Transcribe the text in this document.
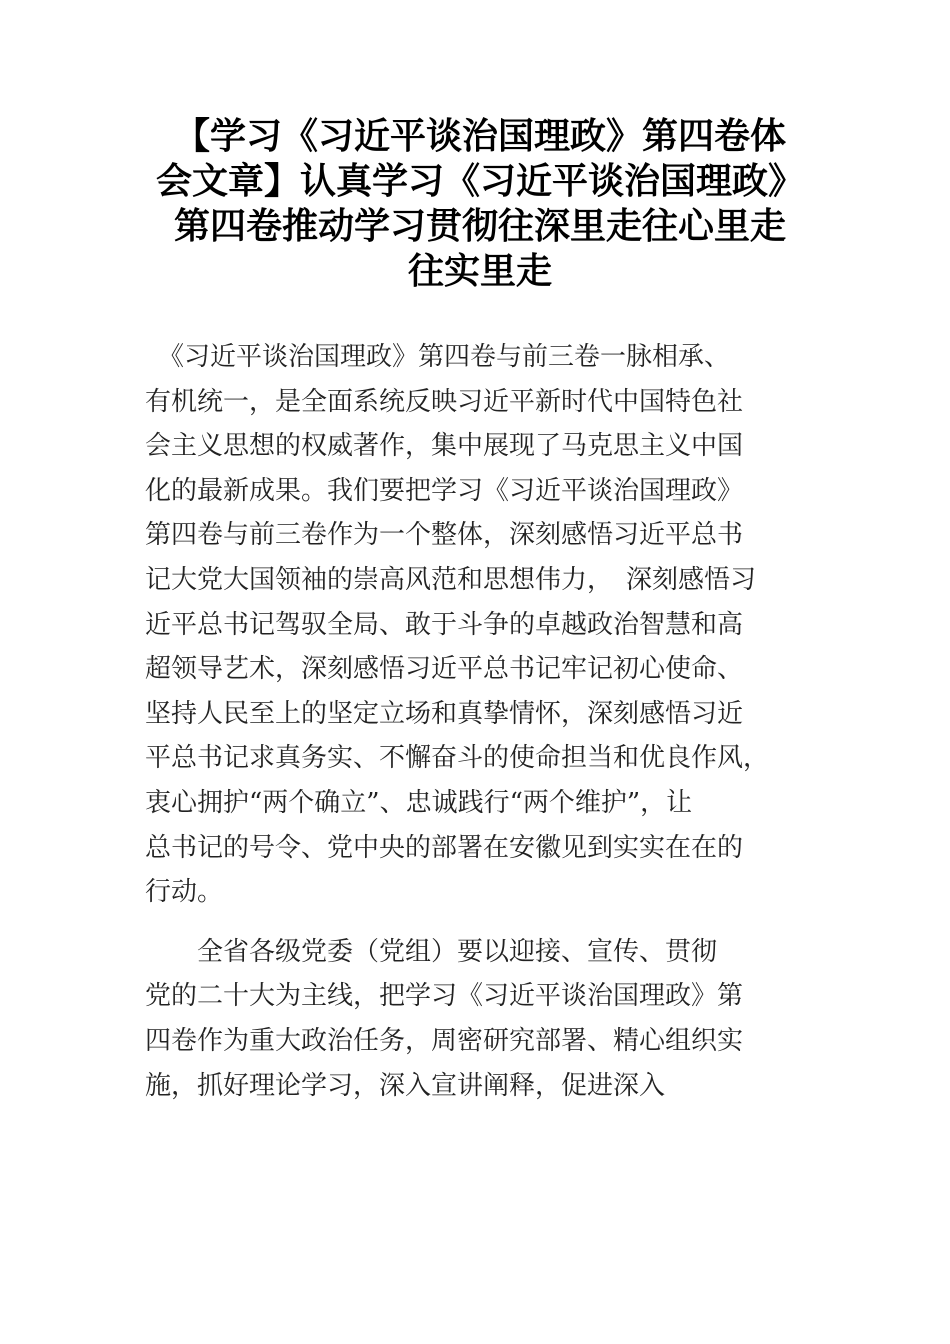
【学习《习近平谈治国理政》第四卷体
会文章】认真学习《习近平谈治国理政》
第四卷推动学习贯彻往深里走往心里走
往实里走

　《习近平谈治国理政》第四卷与前三卷一脉相承、
有机统一，是全面系统反映习近平新时代中国特色社
会主义思想的权威著作，集中展现了马克思主义中国
化的最新成果。我们要把学习《习近平谈治国理政》
第四卷与前三卷作为一个整体，深刻感悟习近平总书
记大党大国领袖的崇高风范和思想伟力，　深刻感悟习
近平总书记驾驭全局、敢于斗争的卓越政治智慧和高
超领导艺术，深刻感悟习近平总书记牢记初心使命、
坚持人民至上的坚定立场和真挚情怀，深刻感悟习近
平总书记求真务实、不懈奋斗的使命担当和优良作风，
衷心拥护“两个确立”、忠诚践行“两个维护”，让
总书记的号令、党中央的部署在安徽见到实实在在的
行动。

　　全省各级党委（党组）要以迎接、宣传、贯彻
党的二十大为主线，把学习《习近平谈治国理政》第
四卷作为重大政治任务，周密研究部署、精心组织实
施，抓好理论学习，深入宣讲阐释，促进深入
